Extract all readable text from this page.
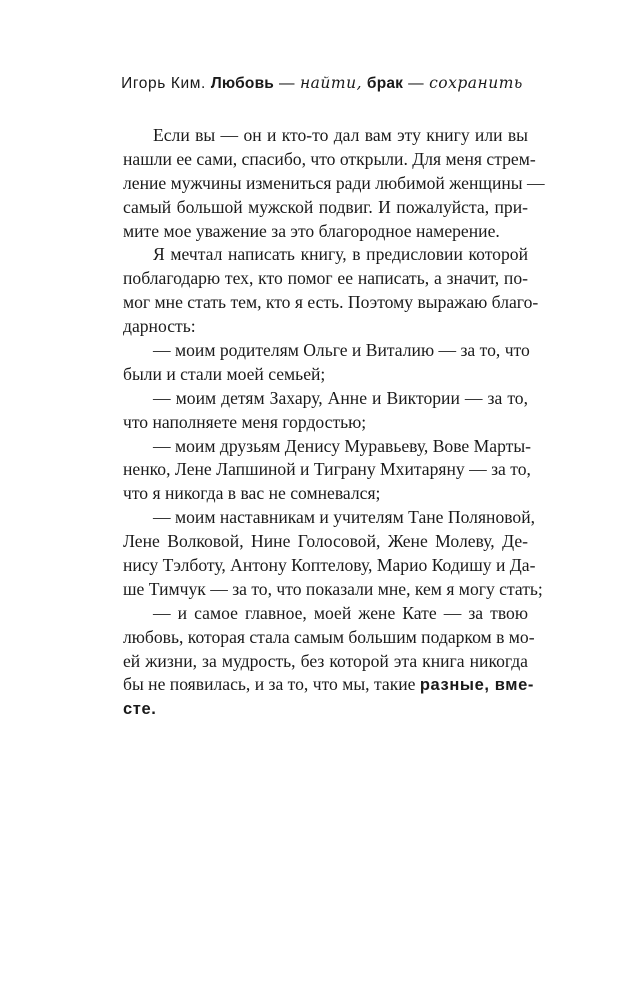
Игорь Ким. Любовь — найти, брак — сохранить
Если вы — он и кто-то дал вам эту книгу или вы
нашли ее сами, спасибо, что открыли. Для меня стрем-
ление мужчины измениться ради любимой женщины —
самый большой мужской подвиг. И пожалуйста, при-
мите мое уважение за это благородное намерение.
Я мечтал написать книгу, в предисловии которой
поблагодарю тех, кто помог ее написать, а значит, по-
мог мне стать тем, кто я есть. Поэтому выражаю благо-
дарность:
— моим родителям Ольге и Виталию — за то, что
были и стали моей семьей;
— моим детям Захару, Анне и Виктории — за то,
что наполняете меня гордостью;
— моим друзьям Денису Муравьеву, Вове Марты-
ненко, Лене Лапшиной и Тиграну Мхитаряну — за то,
что я никогда в вас не сомневался;
— моим наставникам и учителям Тане Поляновой,
Лене Волковой, Нине Голосовой, Жене Молеву, Де-
нису Тэлботу, Антону Коптелову, Марио Кодишу и Да-
ше Тимчук — за то, что показали мне, кем я могу стать;
— и самое главное, моей жене Кате — за твою
любовь, которая стала самым большим подарком в мо-
ей жизни, за мудрость, без которой эта книга никогда
бы не появилась, и за то, что мы, такие разные, вме-
сте.
